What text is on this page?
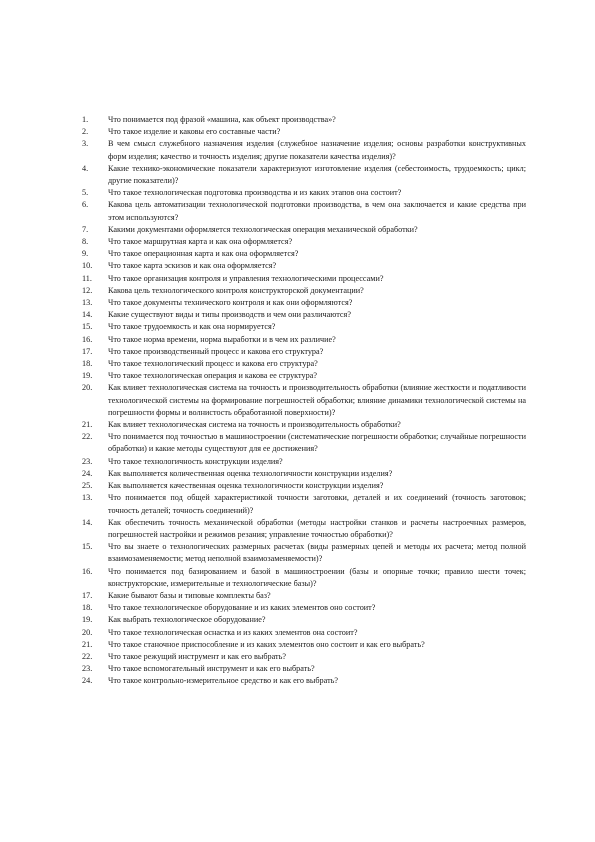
1.	Что понимается под фразой «машина, как объект производства»?
2.	Что такое изделие и каковы его составные части?
3.	В чем смысл служебного назначения изделия (служебное назначение изделия; основы разработки конструктивных форм изделия; качество и точность изделия; другие показатели качества изделия)?
4.	Какие технико-экономические показатели характеризуют изготовление изделия (себестоимость, трудоемкость; цикл; другие показатели)?
5.	Что такое технологическая подготовка производства и из каких этапов она состоит?
6.	Какова цель автоматизации технологической подготовки производства, в чем она заключается и какие средства при этом используются?
7.	Какими документами оформляется технологическая операция механической обработки?
8.	Что такое маршрутная карта и как она оформляется?
9.	Что такое операционная карта и как она оформляется?
10.	Что такое карта эскизов и как она оформляется?
11.	Что такое организация контроля и управления технологическими процессами?
12.	Какова цель технологического контроля конструкторской документации?
13.	Что такое документы технического контроля и как они оформляются?
14.	Какие существуют виды и типы производств и чем они различаются?
15.	Что такое трудоемкость и как она нормируется?
16.	Что такое норма времени, норма выработки и в чем их различие?
17.	Что такое производственный процесс и какова его структура?
18.	Что такое технологический процесс и какова его структура?
19.	Что такое технологическая операция и какова ее структура?
20.	Как влияет технологическая система на точность и производительность обработки (влияние жесткости и податливости технологической системы на формирование погрешностей обработки; влияние динамики технологической системы на погрешности формы и волнистость обработанной поверхности)?
21.	Как влияет технологическая система на точность и производительность обработки?
22.	Что понимается под точностью в машиностроении (систематические погрешности обработки; случайные погрешности обработки) и какие методы существуют для ее достижения?
23.	Что такое технологичность конструкции изделия?
24.	Как выполняется количественная оценка технологичности конструкции изделия?
25.	Как выполняется качественная оценка технологичности конструкции изделия?
13.	Что понимается под общей характеристикой точности заготовки, деталей и их соединений (точность заготовок; точность деталей; точность соединений)?
14.	Как обеспечить точность механической обработки (методы настройки станков и расчеты настроечных размеров, погрешностей настройки и режимов резания; управление точностью обработки)?
15.	Что вы знаете о технологических размерных расчетах (виды размерных цепей и методы их расчета; метод полной взаимозаменяемости; метод неполной взаимозаменяемости)?
16.	Что понимается под базированием и базой в машиностроении (базы и опорные точки; правило шести точек; конструкторские, измерительные и технологические базы)?
17.	Какие бывают базы и типовые комплекты баз?
18.	Что такое технологическое оборудование и из каких элементов оно состоит?
19.	Как выбрать технологическое оборудование?
20.	Что такое технологическая оснастка и из каких элементов она состоит?
21.	Что такое станочное приспособление и из каких элементов оно состоит и как его выбрать?
22.	Что такое режущий инструмент и как его выбрать?
23.	Что такое вспомогательный инструмент и как его выбрать?
24.	Что такое контрольно-измерительное средство и как его выбрать?
